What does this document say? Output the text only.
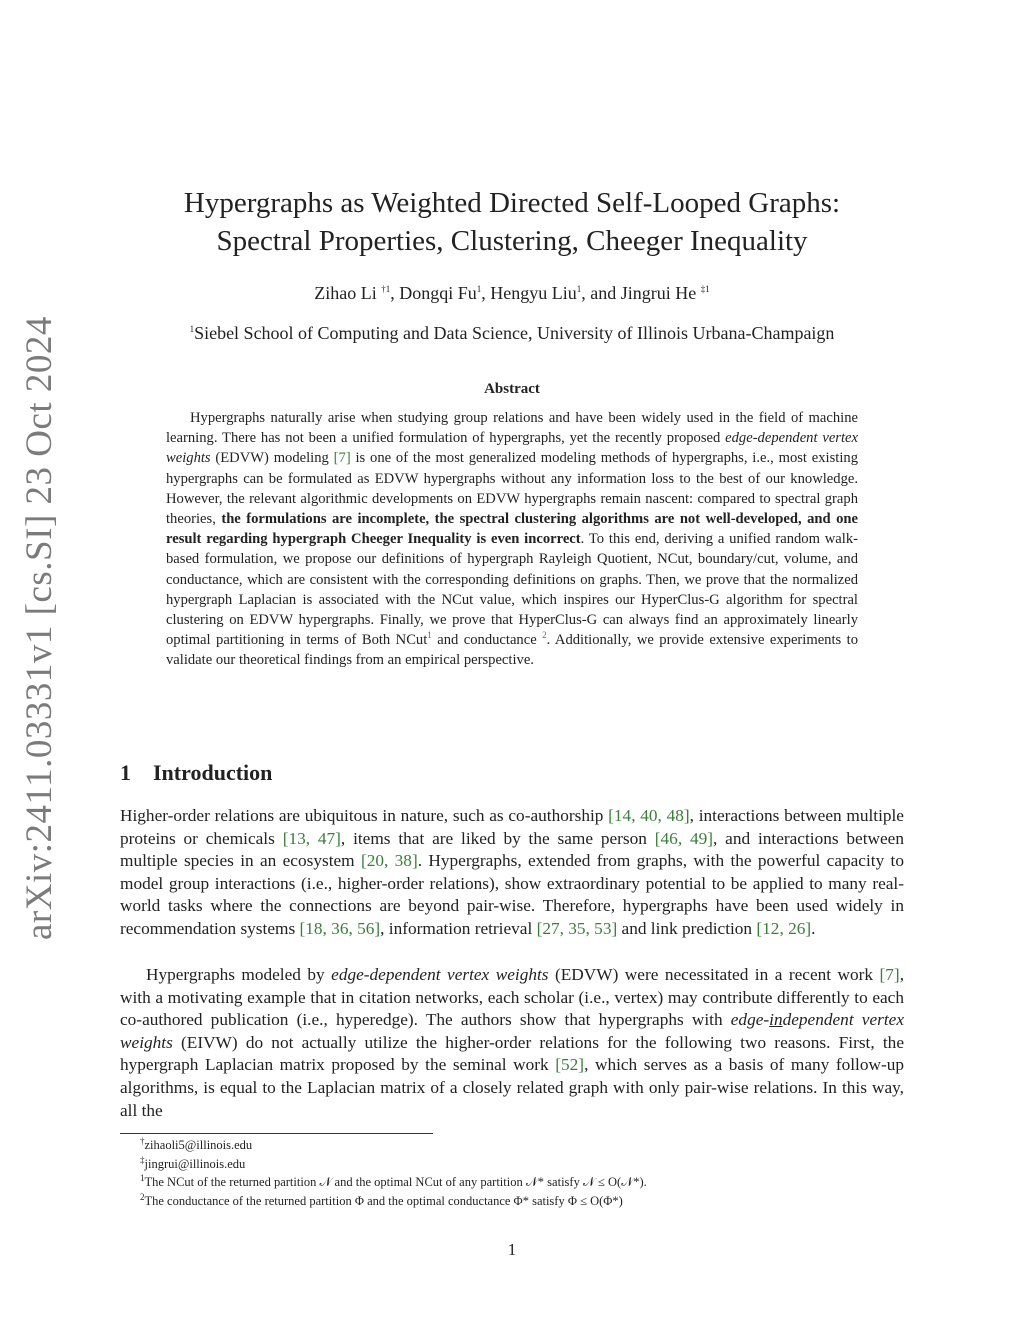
arXiv:2411.03331v1 [cs.SI] 23 Oct 2024
Hypergraphs as Weighted Directed Self-Looped Graphs:
Spectral Properties, Clustering, Cheeger Inequality
Zihao Li $^{\dagger 1}$, Dongqi Fu$^1$, Hengyu Liu$^1$, and Jingrui He $^{\ddagger 1}$
$^1$Siebel School of Computing and Data Science, University of Illinois Urbana-Champaign
Abstract
Hypergraphs naturally arise when studying group relations and have been widely used in the field of machine learning. There has not been a unified formulation of hypergraphs, yet the recently proposed edge-dependent vertex weights (EDVW) modeling [7] is one of the most generalized modeling methods of hypergraphs, i.e., most existing hypergraphs can be formulated as EDVW hypergraphs without any information loss to the best of our knowledge. However, the relevant algorithmic developments on EDVW hypergraphs remain nascent: compared to spectral graph theories, the formulations are incomplete, the spectral clustering algorithms are not well-developed, and one result regarding hypergraph Cheeger Inequality is even incorrect. To this end, deriving a unified random walk-based formulation, we propose our definitions of hypergraph Rayleigh Quotient, NCut, boundary/cut, volume, and conductance, which are consistent with the corresponding definitions on graphs. Then, we prove that the normalized hypergraph Laplacian is associated with the NCut value, which inspires our HyperClus-G algorithm for spectral clustering on EDVW hypergraphs. Finally, we prove that HyperClus-G can always find an approximately linearly optimal partitioning in terms of Both NCut$^1$ and conductance $^2$. Additionally, we provide extensive experiments to validate our theoretical findings from an empirical perspective.
1 Introduction
Higher-order relations are ubiquitous in nature, such as co-authorship [14, 40, 48], interactions between multiple proteins or chemicals [13, 47], items that are liked by the same person [46, 49], and interactions between multiple species in an ecosystem [20, 38]. Hypergraphs, extended from graphs, with the powerful capacity to model group interactions (i.e., higher-order relations), show extraordinary potential to be applied to many real-world tasks where the connections are beyond pair-wise. Therefore, hypergraphs have been used widely in recommendation systems [18, 36, 56], information retrieval [27, 35, 53] and link prediction [12, 26].
Hypergraphs modeled by edge-dependent vertex weights (EDVW) were necessitated in a recent work [7], with a motivating example that in citation networks, each scholar (i.e., vertex) may contribute differently to each co-authored publication (i.e., hyperedge). The authors show that hypergraphs with edge-independent vertex weights (EIVW) do not actually utilize the higher-order relations for the following two reasons. First, the hypergraph Laplacian matrix proposed by the seminal work [52], which serves as a basis of many follow-up algorithms, is equal to the Laplacian matrix of a closely related graph with only pair-wise relations. In this way, all the
†zihaoli5@illinois.edu
‡jingrui@illinois.edu
$^1$The NCut of the returned partition 𝒩 and the optimal NCut of any partition 𝒩* satisfy 𝒩 ≤ O(𝒩*).
$^2$The conductance of the returned partition Φ and the optimal conductance Φ* satisfy Φ ≤ O(Φ*)
1
